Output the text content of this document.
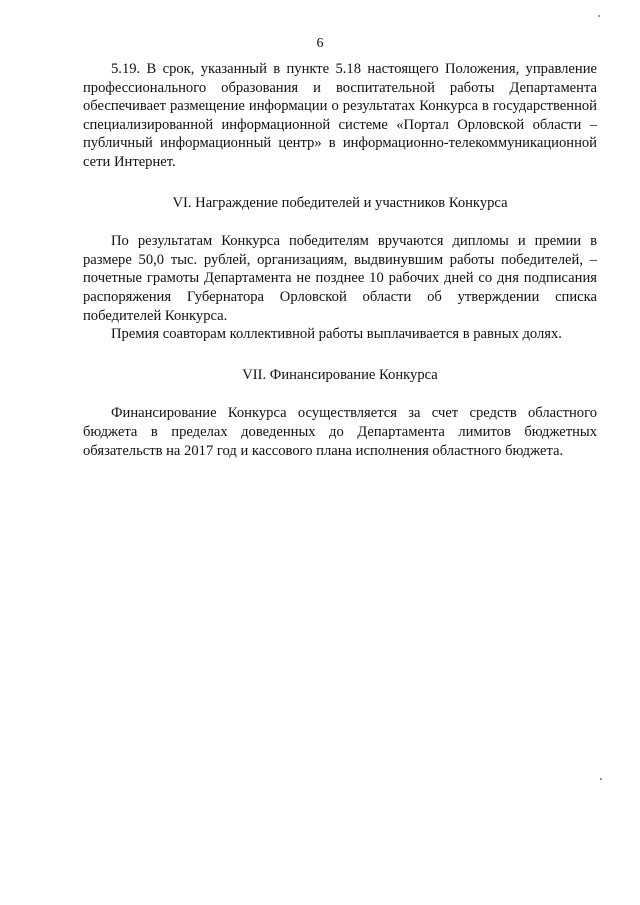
6

5.19. В срок, указанный в пункте 5.18 настоящего Положения, управление профессионального образования и воспитательной работы Департамента обеспечивает размещение информации о результатах Конкурса в государственной специализированной информационной системе «Портал Орловской области – публичный информационный центр» в информационно-телекоммуникационной сети Интернет.

VI. Награждение победителей и участников Конкурса

По результатам Конкурса победителям вручаются дипломы и премии в размере 50,0 тыс. рублей, организациям, выдвинувшим работы победителей, – почетные грамоты Департамента не позднее 10 рабочих дней со дня подписания распоряжения Губернатора Орловской области об утверждении списка победителей Конкурса.

Премия соавторам коллективной работы выплачивается в равных долях.

VII. Финансирование Конкурса

Финансирование Конкурса осуществляется за счет средств областного бюджета в пределах доведенных до Департамента лимитов бюджетных обязательств на 2017 год и кассового плана исполнения областного бюджета.
